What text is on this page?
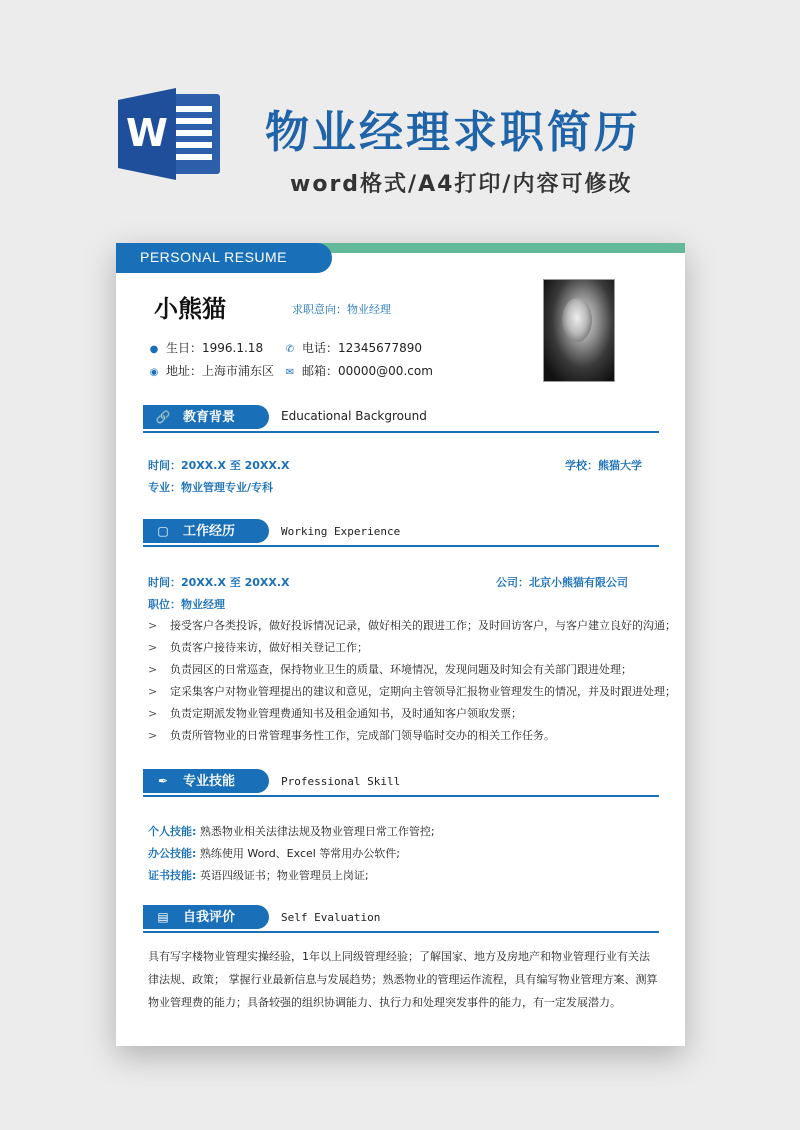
W 物业经理求职简历
word格式/A4打印/内容可修改
PERSONAL RESUME
小熊猫	求职意向：物业经理
● 生日：1996.1.18 ✆ 电话：12345677890
◉ 地址：上海市浦东区 ✉ 邮箱：00000@00.com
🔗 教育背景	Educational Background
时间：20XX.X 至 20XX.X	学校：熊猫大学
专业：物业管理专业/专科
▢ 工作经历	Working Experience
时间：20XX.X 至 20XX.X	公司：北京小熊猫有限公司
职位：物业经理
> 接受客户各类投诉，做好投诉情况记录，做好相关的跟进工作；及时回访客户，与客户建立良好的沟通；
> 负责客户接待来访，做好相关登记工作；
> 负责园区的日常巡查，保持物业卫生的质量、环境情况，发现问题及时知会有关部门跟进处理；
> 定采集客户对物业管理提出的建议和意见，定期向主管领导汇报物业管理发生的情况，并及时跟进处理；
> 负责定期派发物业管理费通知书及租金通知书，及时通知客户领取发票；
> 负责所管物业的日常管理事务性工作，完成部门领导临时交办的相关工作任务。
✒ 专业技能	Professional Skill
个人技能: 熟悉物业相关法律法规及物业管理日常工作管控;
办公技能: 熟练使用 Word、Excel 等常用办公软件;
证书技能: 英语四级证书；物业管理员上岗证;
▤ 自我评价	Self Evaluation
具有写字楼物业管理实操经验，1年以上同级管理经验；了解国家、地方及房地产和物业管理行业有关法律法规、政策； 掌握行业最新信息与发展趋势；熟悉物业的管理运作流程，具有编写物业管理方案、测算物业管理费的能力；具备较强的组织协调能力、执行力和处理突发事件的能力，有一定发展潜力。
